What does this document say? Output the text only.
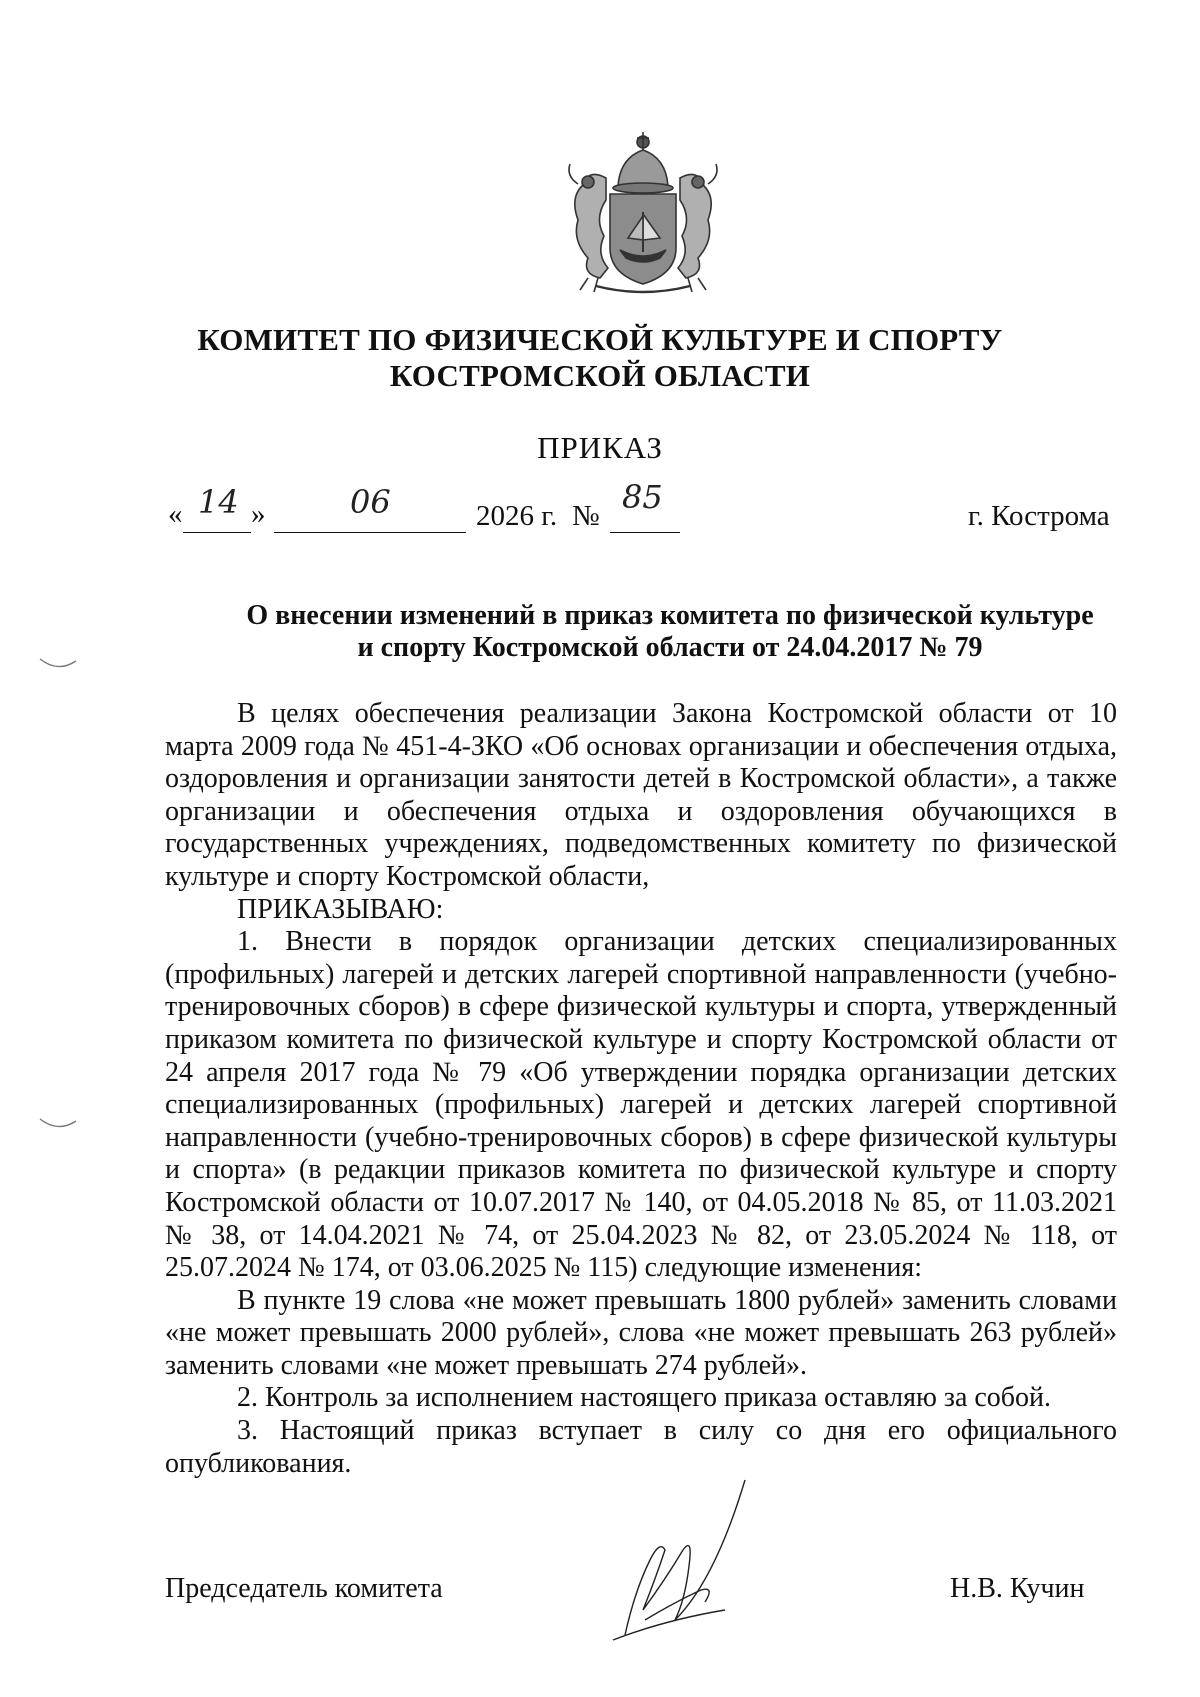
КОМИТЕТ ПО ФИЗИЧЕСКОЙ КУЛЬТУРЕ И СПОРТУ
КОСТРОМСКОЙ ОБЛАСТИ
ПРИКАЗ
« 14 »	06	2026 г. № 85	г. Кострома
О внесении изменений в приказ комитета по физической культуре
и спорту Костромской области от 24.04.2017 № 79

В целях обеспечения реализации Закона Костромской области от 10 марта 2009 года № 451-4-ЗКО «Об основах организации и обеспечения отдыха, оздоровления и организации занятости детей в Костромской области», а также организации и обеспечения отдыха и оздоровления обучающихся в государственных учреждениях, подведомственных комитету по физической культуре и спорту Костромской области,

ПРИКАЗЫВАЮ:

1. Внести в порядок организации детских специализированных (профильных) лагерей и детских лагерей спортивной направленности (учебно-тренировочных сборов) в сфере физической культуры и спорта, утвержденный приказом комитета по физической культуре и спорту Костромской области от 24 апреля 2017 года № 79 «Об утверждении порядка организации детских специализированных (профильных) лагерей и детских лагерей спортивной направленности (учебно-тренировочных сборов) в сфере физической культуры и спорта» (в редакции приказов комитета по физической культуре и спорту Костромской области от 10.07.2017 № 140, от 04.05.2018 № 85, от 11.03.2021 № 38, от 14.04.2021 № 74, от 25.04.2023 № 82, от 23.05.2024 № 118, от 25.07.2024 № 174, от 03.06.2025 № 115) следующие изменения:

В пункте 19 слова «не может превышать 1800 рублей» заменить словами «не может превышать 2000 рублей», слова «не может превышать 263 рублей» заменить словами «не может превышать 274 рублей».

2. Контроль за исполнением настоящего приказа оставляю за собой.

3. Настоящий приказ вступает в силу со дня его официального опубликования.

Председатель комитета	Н.В. Кучин
